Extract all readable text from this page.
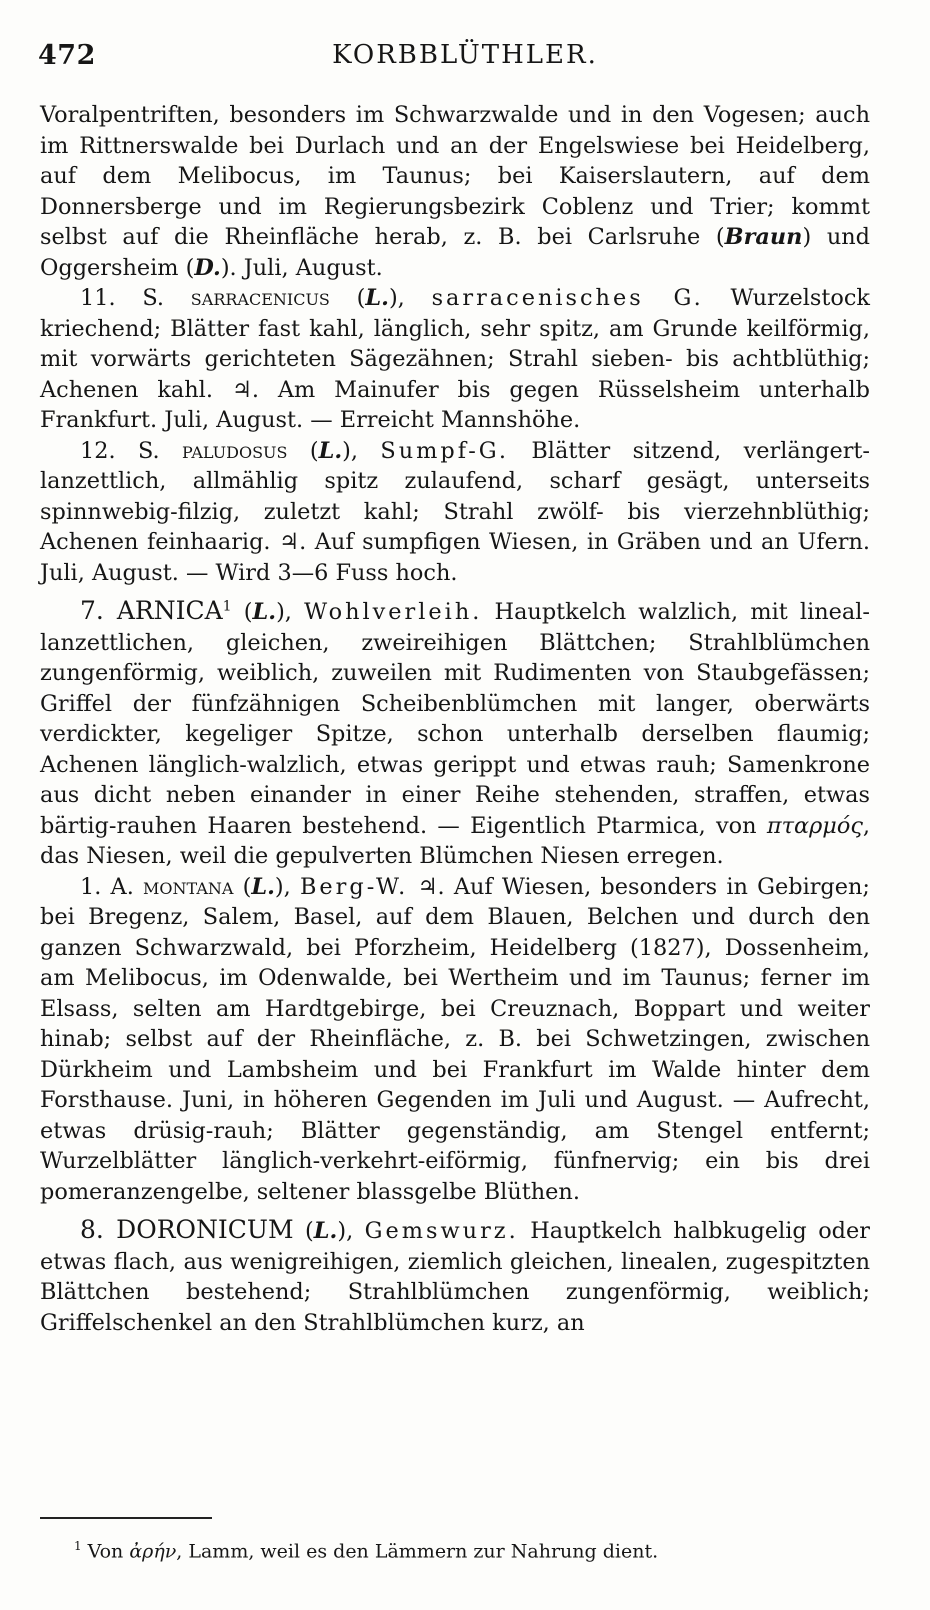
472	KORBBLÜTHLER.

Voralpentriften, besonders im Schwarzwalde und in den Vogesen; auch im Rittnerswalde bei Durlach und an der Engelswiese bei Heidelberg, auf dem Melibocus, im Taunus; bei Kaiserslautern, auf dem Donnersberge und im Regierungsbezirk Coblenz und Trier; kommt selbst auf die Rheinfläche herab, z. B. bei Carlsruhe (Braun) und Oggersheim (D.). Juli, August.

11. S. sarracenicus (L.), sarracenisches G. Wurzelstock kriechend; Blätter fast kahl, länglich, sehr spitz, am Grunde keilförmig, mit vorwärts gerichteten Sägezähnen; Strahl sieben- bis achtblüthig; Achenen kahl. ♃. Am Mainufer bis gegen Rüsselsheim unterhalb Frankfurt. Juli, August. — Erreicht Mannshöhe.

12. S. paludosus (L.), Sumpf-G. Blätter sitzend, verlängert-lanzettlich, allmählig spitz zulaufend, scharf gesägt, unterseits spinnwebig-filzig, zuletzt kahl; Strahl zwölf- bis vierzehnblüthig; Achenen feinhaarig. ♃. Auf sumpfigen Wiesen, in Gräben und an Ufern. Juli, August. — Wird 3—6 Fuss hoch.

7. ARNICA$^1$ (L.), Wohlverleih. Hauptkelch walzlich, mit lineal-lanzettlichen, gleichen, zweireihigen Blättchen; Strahlblümchen zungenförmig, weiblich, zuweilen mit Rudimenten von Staubgefässen; Griffel der fünfzähnigen Scheibenblümchen mit langer, oberwärts verdickter, kegeliger Spitze, schon unterhalb derselben flaumig; Achenen länglich-walzlich, etwas gerippt und etwas rauh; Samenkrone aus dicht neben einander in einer Reihe stehenden, straffen, etwas bärtig-rauhen Haaren bestehend. — Eigentlich Ptarmica, von πταρμός, das Niesen, weil die gepulverten Blümchen Niesen erregen.

1. A. montana (L.), Berg-W. ♃. Auf Wiesen, besonders in Gebirgen; bei Bregenz, Salem, Basel, auf dem Blauen, Belchen und durch den ganzen Schwarzwald, bei Pforzheim, Heidelberg (1827), Dossenheim, am Melibocus, im Odenwalde, bei Wertheim und im Taunus; ferner im Elsass, selten am Hardtgebirge, bei Creuznach, Boppart und weiter hinab; selbst auf der Rheinfläche, z. B. bei Schwetzingen, zwischen Dürkheim und Lambsheim und bei Frankfurt im Walde hinter dem Forsthause. Juni, in höheren Gegenden im Juli und August. — Aufrecht, etwas drüsig-rauh; Blätter gegenständig, am Stengel entfernt; Wurzelblätter länglich-verkehrt-eiförmig, fünfnervig; ein bis drei pomeranzengelbe, seltener blassgelbe Blüthen.

8. DORONICUM (L.), Gemswurz. Hauptkelch halbkugelig oder etwas flach, aus wenigreihigen, ziemlich gleichen, linealen, zugespitzten Blättchen bestehend; Strahlblümchen zungenförmig, weiblich; Griffelschenkel an den Strahlblümchen kurz, an

$^1$ Von ἀρήν, Lamm, weil es den Lämmern zur Nahrung dient.
